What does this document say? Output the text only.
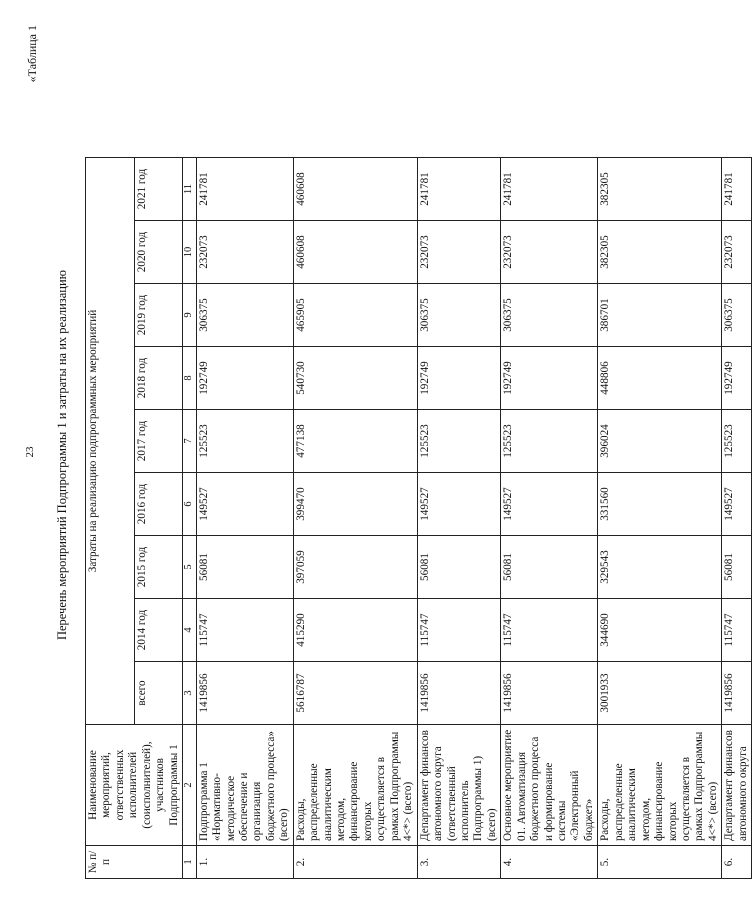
23
«Таблица 1
Перечень мероприятий Подпрограммы 1 и затраты на их реализацию
№ п/п	Наименование мероприятий, ответственных исполнителей (соисполнителей), участников Подпрограммы 1	Затраты на реализацию подпрограммных мероприятий								
		всего	2014 год	2015 год	2016 год	2017 год	2018 год	2019 год	2020 год	2021 год
1	2	3	4	5	6	7	8	9	10	11
1.	Подпрограмма 1 «Нормативно-методическое обеспечение и организация бюджетного процесса» (всего)	1419856	115747	56081	149527	125523	192749	306375	232073	241781
2.	Расходы, распределенные аналитическим методом, финансирование которых осуществляется в рамках Подпрограммы 4<*> (всего)	5616787	415290	397059	399470	477138	540730	465905	460608	460608
3.	Департамент финансов автономного округа (ответственный исполнитель Подпрограммы 1) (всего)	1419856	115747	56081	149527	125523	192749	306375	232073	241781
4.	Основное мероприятие 01. Автоматизация бюджетного процесса и формирование системы «Электронный бюджет»	1419856	115747	56081	149527	125523	192749	306375	232073	241781
5.	Расходы, распределенные аналитическим методом, финансирование которых осуществляется в рамках Подпрограммы 4<*> (всего)	3001933	344690	329543	331560	396024	448806	386701	382305	382305
6.	Департамент финансов автономного округа	1419856	115747	56081	149527	125523	192749	306375	232073	241781
